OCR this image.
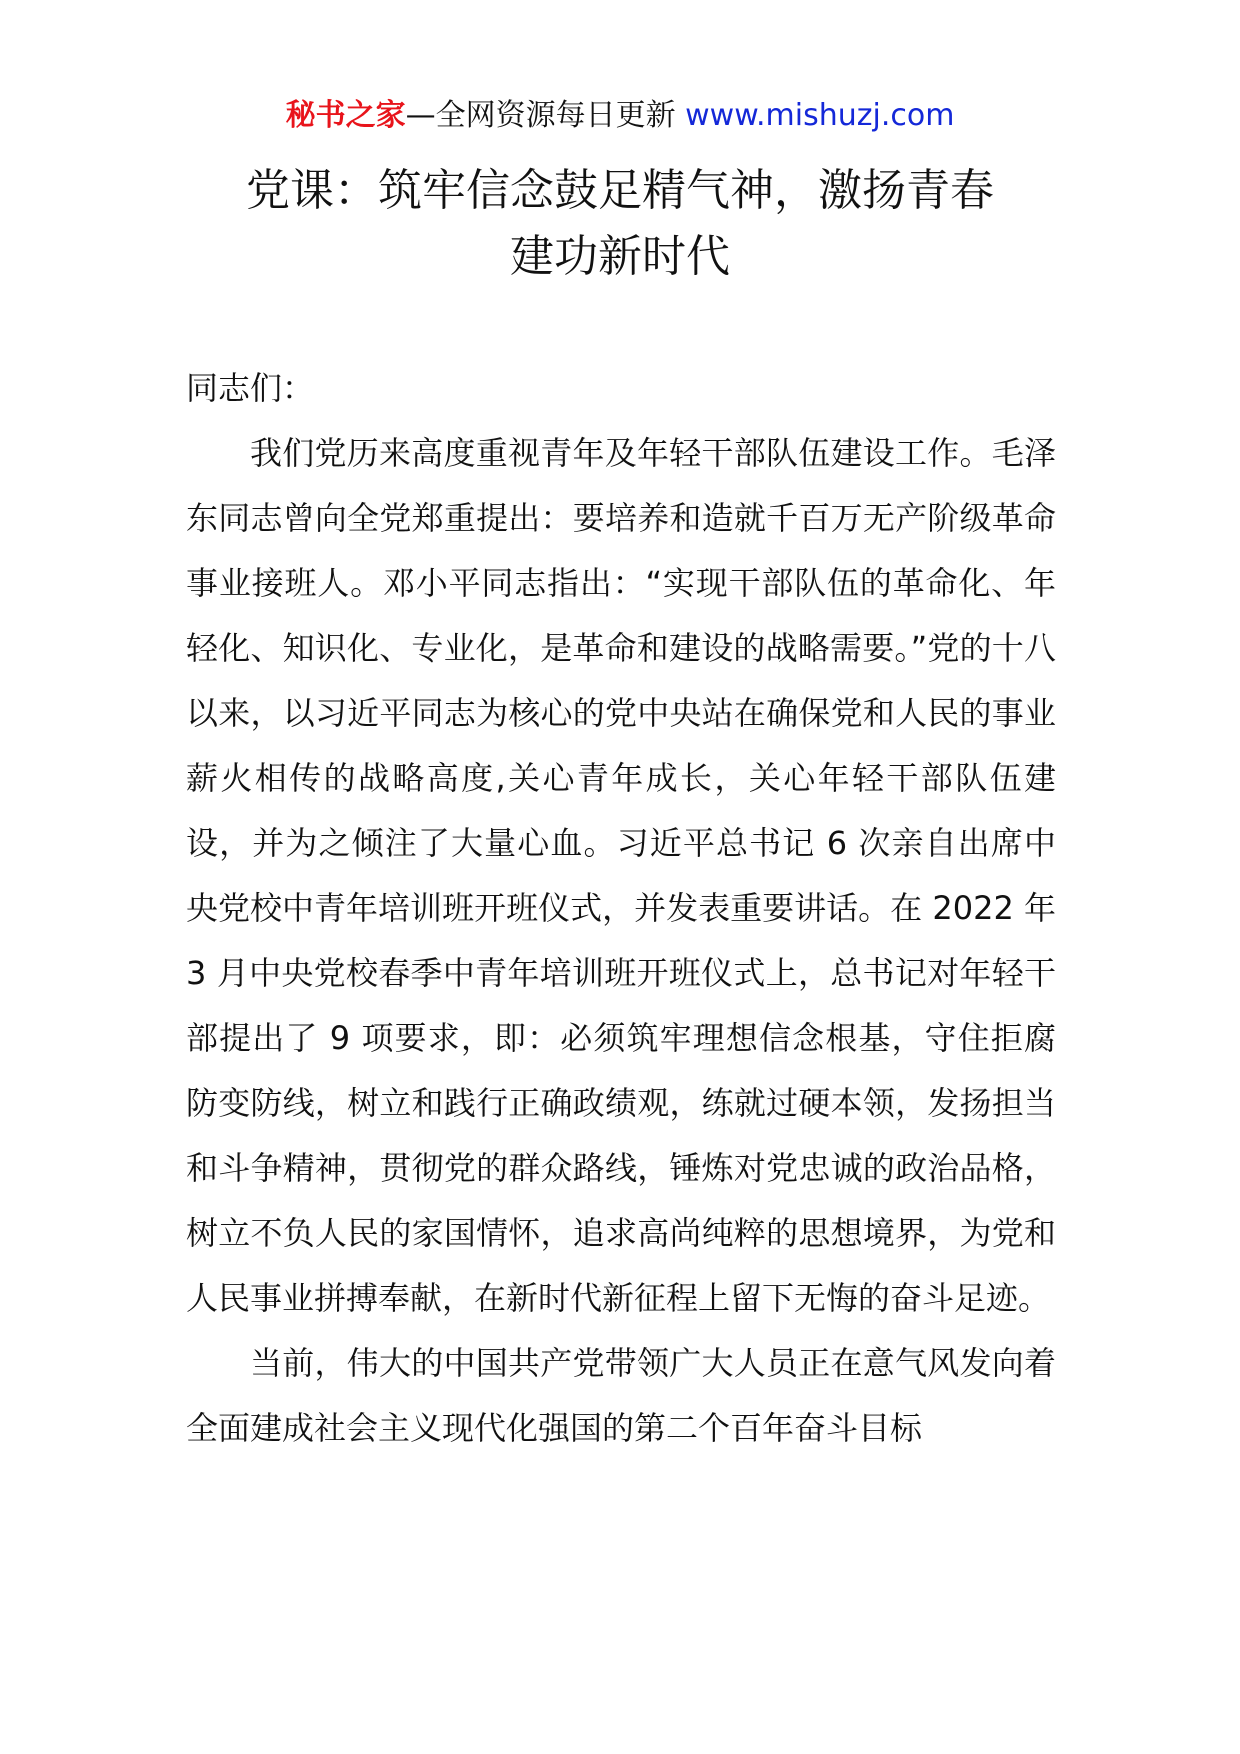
秘书之家—全网资源每日更新 www.mishuzj.com
党课：筑牢信念鼓足精气神，激扬青春
建功新时代

同志们：

我们党历来高度重视青年及年轻干部队伍建设工作。毛泽东同志曾向全党郑重提出：要培养和造就千百万无产阶级革命事业接班人。邓小平同志指出：“实现干部队伍的革命化、年轻化、知识化、专业化，是革命和建设的战略需要。”党的十八以来，以习近平同志为核心的党中央站在确保党和人民的事业薪火相传的战略高度,关心青年成长，关心年轻干部队伍建设，并为之倾注了大量心血。习近平总书记 6 次亲自出席中央党校中青年培训班开班仪式，并发表重要讲话。在 2022 年 3 月中央党校春季中青年培训班开班仪式上，总书记对年轻干部提出了 9 项要求，即：必须筑牢理想信念根基，守住拒腐防变防线，树立和践行正确政绩观，练就过硬本领，发扬担当和斗争精神，贯彻党的群众路线，锤炼对党忠诚的政治品格，树立不负人民的家国情怀，追求高尚纯粹的思想境界，为党和人民事业拼搏奉献，在新时代新征程上留下无悔的奋斗足迹。

当前，伟大的中国共产党带领广大人员正在意气风发向着全面建成社会主义现代化强国的第二个百年奋斗目标
